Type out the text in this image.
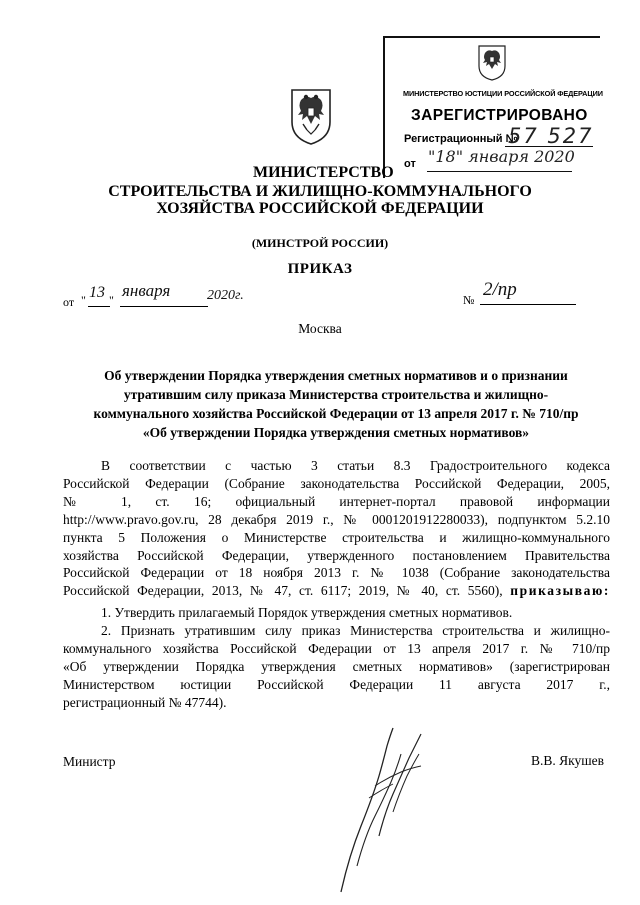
МИНИСТЕРСТВО ЮСТИЦИИ РОССИЙСКОЙ ФЕДЕРАЦИИ
ЗАРЕГИСТРИРОВАНО
Регистрационный №
57 527
от "18" января 2020
МИНИСТЕРСТВО
СТРОИТЕЛЬСТВА И ЖИЛИЩНО-КОММУНАЛЬНОГО
ХОЗЯЙСТВА РОССИЙСКОЙ ФЕДЕРАЦИИ
(МИНСТРОЙ РОССИИ)
ПРИКАЗ
от " 13 " января	2020г.	№ 2/пр
Москва
Об утверждении Порядка утверждения сметных нормативов и о признании
утратившим силу приказа Министерства строительства и жилищно-
коммунального хозяйства Российской Федерации от 13 апреля 2017 г. № 710/пр
«Об утверждении Порядка утверждения сметных нормативов»
В соответствии с частью 3 статьи 8.3 Градостроительного кодекса
Российской Федерации (Собрание законодательства Российской Федерации, 2005,
№ 1, ст. 16; официальный интернет-портал правовой информации
http://www.pravo.gov.ru, 28 декабря 2019 г., № 0001201912280033), подпунктом 5.2.10
пункта 5 Положения о Министерстве строительства и жилищно-коммунального
хозяйства Российской Федерации, утвержденного постановлением Правительства
Российской Федерации от 18 ноября 2013 г. № 1038 (Собрание законодательства
Российской Федерации, 2013, № 47, ст. 6117; 2019, № 40, ст. 5560), приказываю:
1. Утвердить прилагаемый Порядок утверждения сметных нормативов.
2. Признать утратившим силу приказ Министерства строительства и жилищно-
коммунального хозяйства Российской Федерации от 13 апреля 2017 г. № 710/пр
«Об утверждении Порядка утверждения сметных нормативов» (зарегистрирован
Министерством юстиции Российской Федерации 11 августа 2017 г.,
регистрационный № 47744).
Министр	В.В. Якушев
